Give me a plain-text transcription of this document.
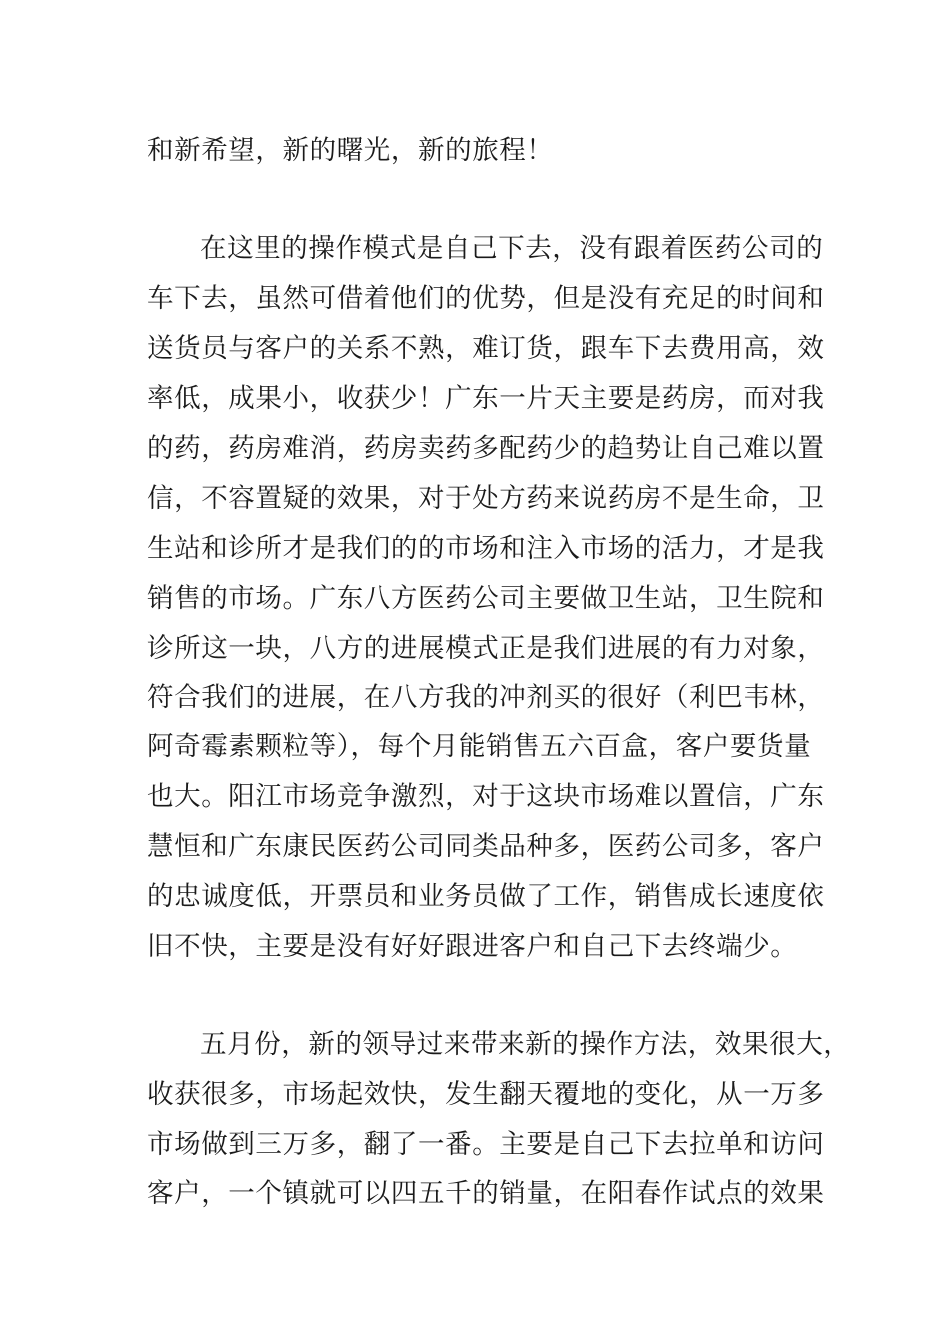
和新希望，新的曙光，新的旅程！
在这里的操作模式是自己下去，没有跟着医药公司的
车下去，虽然可借着他们的优势，但是没有充足的时间和
送货员与客户的关系不熟，难订货，跟车下去费用高，效
率低，成果小，收获少！广东一片天主要是药房，而对我
的药，药房难消，药房卖药多配药少的趋势让自己难以置
信，不容置疑的效果，对于处方药来说药房不是生命，卫
生站和诊所才是我们的的市场和注入市场的活力，才是我
销售的市场。广东八方医药公司主要做卫生站，卫生院和
诊所这一块，八方的进展模式正是我们进展的有力对象，
符合我们的进展，在八方我的冲剂买的很好（利巴韦林，
阿奇霉素颗粒等），每个月能销售五六百盒，客户要货量
也大。阳江市场竞争激烈，对于这块市场难以置信，广东
慧恒和广东康民医药公司同类品种多，医药公司多，客户
的忠诚度低，开票员和业务员做了工作，销售成长速度依
旧不快，主要是没有好好跟进客户和自己下去终端少。
五月份，新的领导过来带来新的操作方法，效果很大，
收获很多，市场起效快，发生翻天覆地的变化，从一万多
市场做到三万多，翻了一番。主要是自己下去拉单和访问
客户，一个镇就可以四五千的销量，在阳春作试点的效果
